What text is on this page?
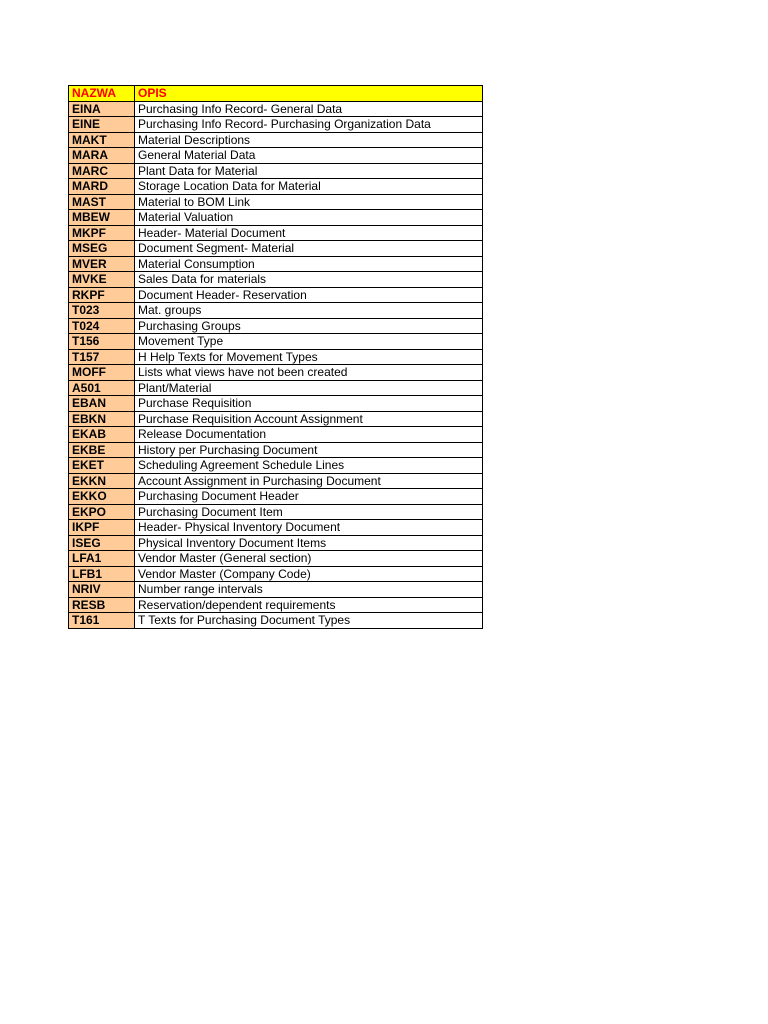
NAZWA	OPIS
EINA	Purchasing Info Record- General Data
EINE	Purchasing Info Record- Purchasing Organization Data
MAKT	Material Descriptions
MARA	General Material Data
MARC	Plant Data for Material
MARD	Storage Location Data for Material
MAST	Material to BOM Link
MBEW	Material Valuation
MKPF	Header- Material Document
MSEG	Document Segment- Material
MVER	Material Consumption
MVKE	Sales Data for materials
RKPF	Document Header- Reservation
T023	Mat. groups
T024	Purchasing Groups
T156	Movement Type
T157	H Help Texts for Movement Types
MOFF	Lists what views have not been created
A501	Plant/Material
EBAN	Purchase Requisition
EBKN	Purchase Requisition Account Assignment
EKAB	Release Documentation
EKBE	History per Purchasing Document
EKET	Scheduling Agreement Schedule Lines
EKKN	Account Assignment in Purchasing Document
EKKO	Purchasing Document Header
EKPO	Purchasing Document Item
IKPF	Header- Physical Inventory Document
ISEG	Physical Inventory Document Items
LFA1	Vendor Master (General section)
LFB1	Vendor Master (Company Code)
NRIV	Number range intervals
RESB	Reservation/dependent requirements
T161	T Texts for Purchasing Document Types
